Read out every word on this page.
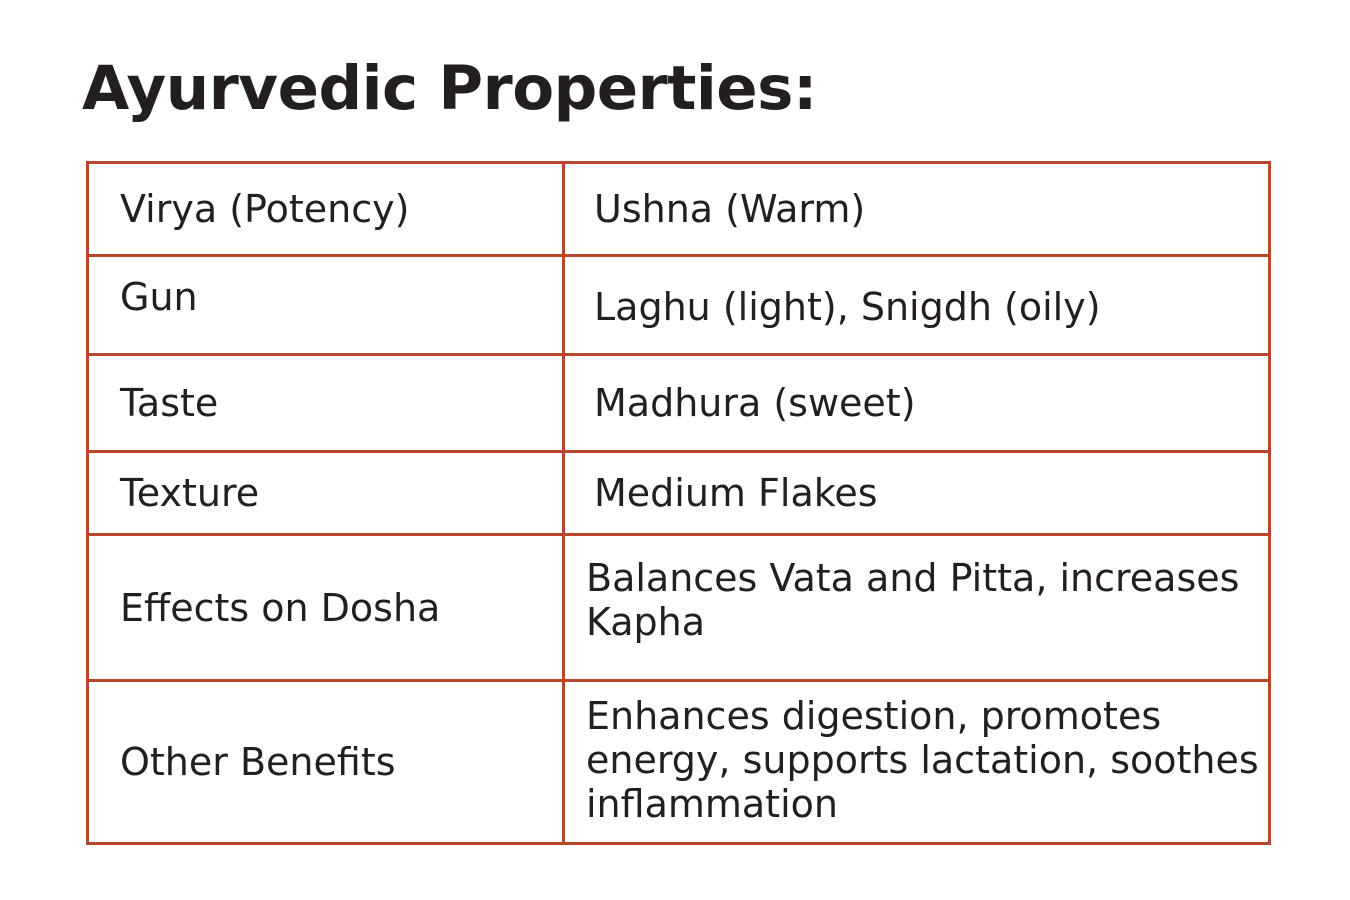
Ayurvedic Properties:
Virya (Potency)	Ushna (Warm)

Gun	Laghu (light), Snigdh (oily)

Taste	Madhura (sweet)

Texture	Medium Flakes

Effects on Dosha	Balances Vata and Pitta, increases Kapha

Other Benefits	Enhances digestion, promotes energy, supports lactation, soothes inflammation
